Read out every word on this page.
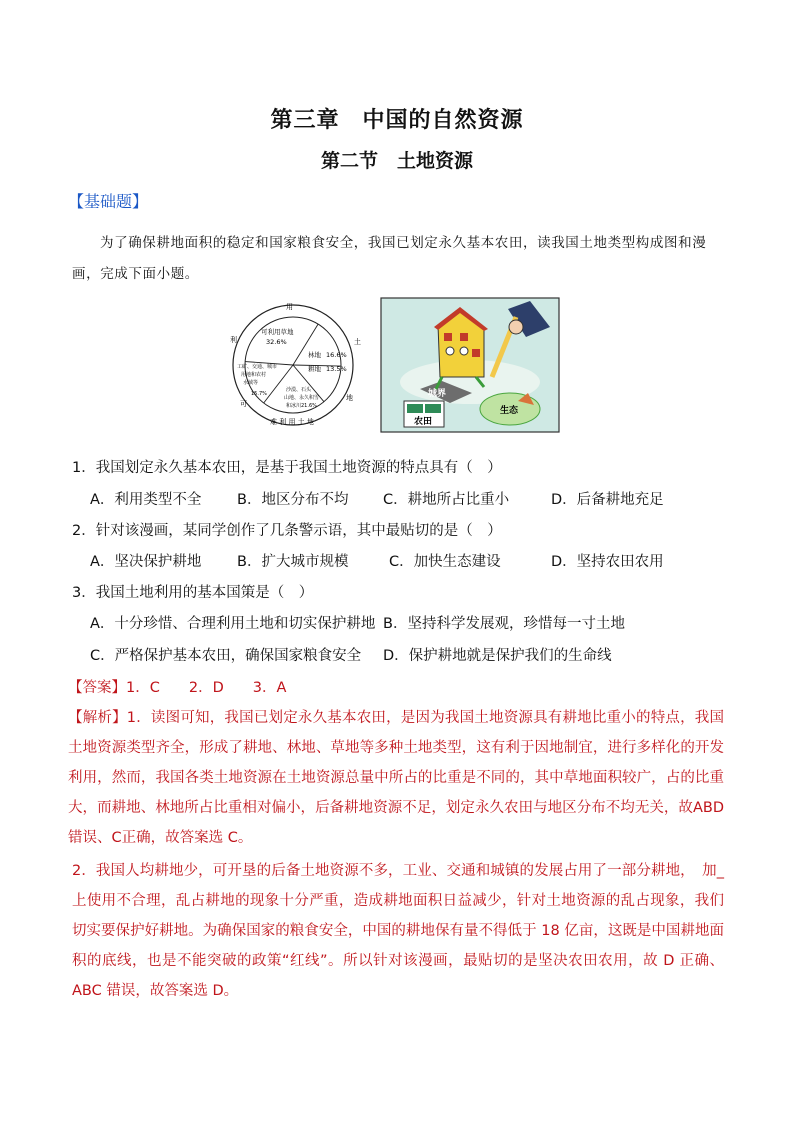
第三章　中国的自然资源
第二节　土地资源
【基础题】
为了确保耕地面积的稳定和国家粮食安全，我国已划定永久基本农田，读我国土地类型构成图和漫画，完成下面小题。
用
土
地
可
利
难 利 用 土 地
可利用草地
32.6%
林地 16.6%
耕地 13.5%
工矿、交通、城市
用地和农村
水域等
15.7%
沙漠、石头
山地、永久积雪
和冰川21.6%
城界
农田
生态
1．我国划定永久基本农田，是基于我国土地资源的特点具有（　）
A．利用类型不全 B．地区分布不均 C．耕地所占比重小	D．后备耕地充足
2．针对该漫画，某同学创作了几条警示语，其中最贴切的是（　）
A．坚决保护耕地 B．扩大城市规模	C．加快生态建设	D．坚持农田农用
3．我国土地利用的基本国策是（　）
A．十分珍惜、合理利用土地和切实保护耕地 B．坚持科学发展观，珍惜每一寸土地
C．严格保护基本农田，确保国家粮食安全 D．保护耕地就是保护我们的生命线
【答案】1．C　　2．D　　3．A
【解析】1．读图可知，我国已划定永久基本农田，是因为我国土地资源具有耕地比重小的特点，我国土地资源类型齐全，形成了耕地、林地、草地等多种土地类型，这有利于因地制宜，进行多样化的开发利用，然而，我国各类土地资源在土地资源总量中所占的比重是不同的，其中草地面积较广，占的比重大，而耕地、林地所占比重相对偏小，后备耕地资源不足，划定永久农田与地区分布不均无关，故ABD 错误、C正确，故答案选 C。
2．我国人均耕地少，可开垦的后备土地资源不多，工业、交通和城镇的发展占用了一部分耕地，　加_上使用不合理，乱占耕地的现象十分严重，造成耕地面积日益减少，针对土地资源的乱占现象，我们切实要保护好耕地。为确保国家的粮食安全，中国的耕地保有量不得低于 18 亿亩，这既是中国耕地面积的底线，也是不能突破的政策“红线”。所以针对该漫画，最贴切的是坚决农田农用，故 D 正确、ABC 错误，故答案选 D。
